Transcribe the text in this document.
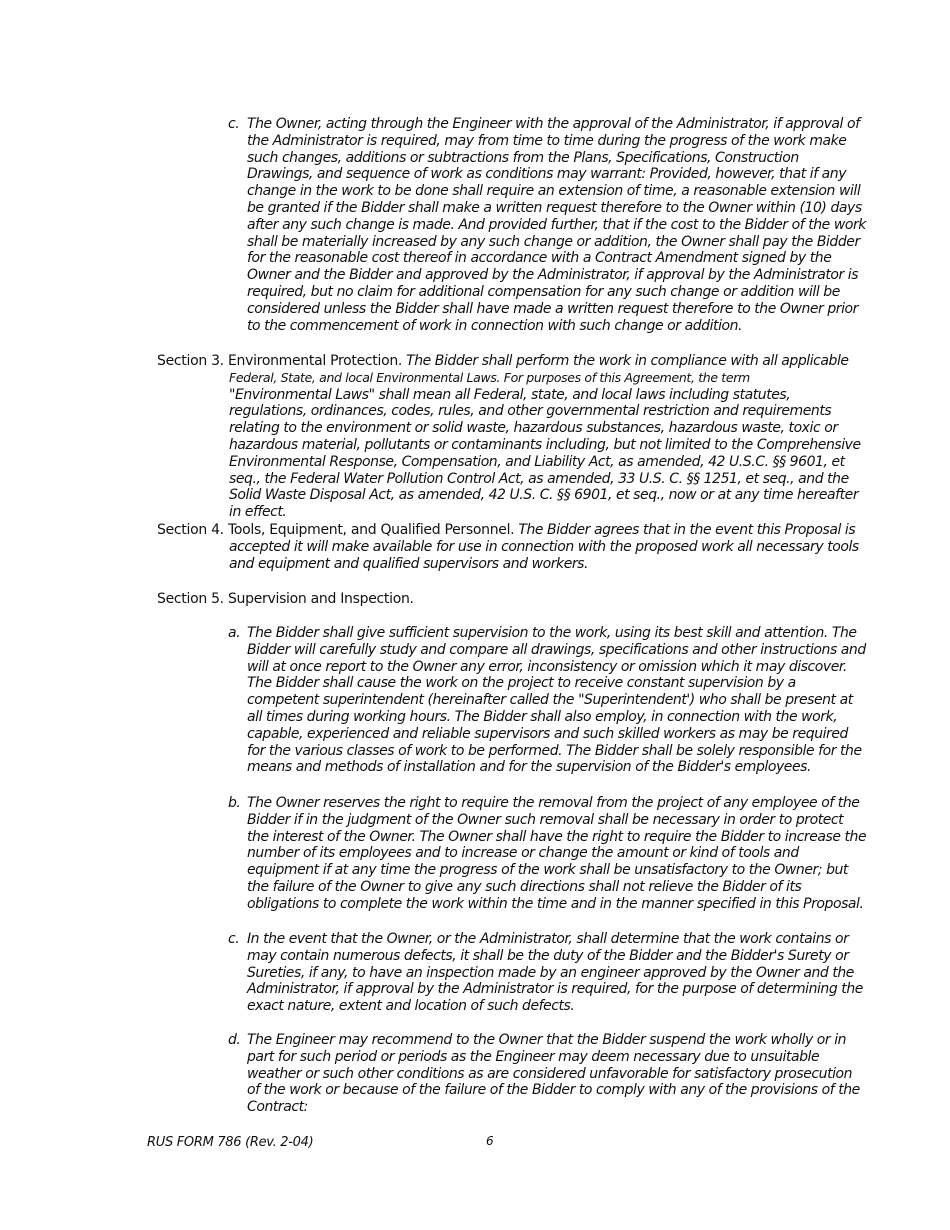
c. The Owner, acting through the Engineer with the approval of the Administrator, if approval of the Administrator is required, may from time to time during the progress of the work make such changes, additions or subtractions from the Plans, Specifications, Construction Drawings, and sequence of work as conditions may warrant: Provided, however, that if any change in the work to be done shall require an extension of time, a reasonable extension will be granted if the Bidder shall make a written request therefore to the Owner within (10) days after any such change is made. And provided further, that if the cost to the Bidder of the work shall be materially increased by any such change or addition, the Owner shall pay the Bidder for the reasonable cost thereof in accordance with a Contract Amendment signed by the Owner and the Bidder and approved by the Administrator, if approval by the Administrator is required, but no claim for additional compensation for any such change or addition will be considered unless the Bidder shall have made a written request therefore to the Owner prior to the commencement of work in connection with such change or addition.
Section 3. Environmental Protection. The Bidder shall perform the work in compliance with all applicable
Federal, State, and local Environmental Laws. For purposes of this Agreement, the term
"Environmental Laws" shall mean all Federal, state, and local laws including statutes, regulations, ordinances, codes, rules, and other governmental restriction and requirements relating to the environment or solid waste, hazardous substances, hazardous waste, toxic or hazardous material, pollutants or contaminants including, but not limited to the Comprehensive Environmental Response, Compensation, and Liability Act, as amended, 42 U.S.C. §§ 9601, et seq., the Federal Water Pollution Control Act, as amended, 33 U.S. C. §§ 1251, et seq., and the Solid Waste Disposal Act, as amended, 42 U.S. C. §§ 6901, et seq., now or at any time hereafter in effect.
Section 4. Tools, Equipment, and Qualified Personnel. The Bidder agrees that in the event this Proposal is
accepted it will make available for use in connection with the proposed work all necessary tools and equipment and qualified supervisors and workers.
Section 5. Supervision and Inspection.
a. The Bidder shall give sufficient supervision to the work, using its best skill and attention. The Bidder will carefully study and compare all drawings, specifications and other instructions and will at once report to the Owner any error, inconsistency or omission which it may discover. The Bidder shall cause the work on the project to receive constant supervision by a competent superintendent (hereinafter called the "Superintendent') who shall be present at all times during working hours. The Bidder shall also employ, in connection with the work, capable, experienced and reliable supervisors and such skilled workers as may be required for the various classes of work to be performed. The Bidder shall be solely responsible for the means and methods of installation and for the supervision of the Bidder's employees.
b. The Owner reserves the right to require the removal from the project of any employee of the Bidder if in the judgment of the Owner such removal shall be necessary in order to protect the interest of the Owner. The Owner shall have the right to require the Bidder to increase the number of its employees and to increase or change the amount or kind of tools and equipment if at any time the progress of the work shall be unsatisfactory to the Owner; but the failure of the Owner to give any such directions shall not relieve the Bidder of its obligations to complete the work within the time and in the manner specified in this Proposal.
c. In the event that the Owner, or the Administrator, shall determine that the work contains or may contain numerous defects, it shall be the duty of the Bidder and the Bidder's Surety or Sureties, if any, to have an inspection made by an engineer approved by the Owner and the Administrator, if approval by the Administrator is required, for the purpose of determining the exact nature, extent and location of such defects.
d. The Engineer may recommend to the Owner that the Bidder suspend the work wholly or in part for such period or periods as the Engineer may deem necessary due to unsuitable weather or such other conditions as are considered unfavorable for satisfactory prosecution of the work or because of the failure of the Bidder to comply with any of the provisions of the Contract:
RUS FORM 786 (Rev. 2-04)	6
